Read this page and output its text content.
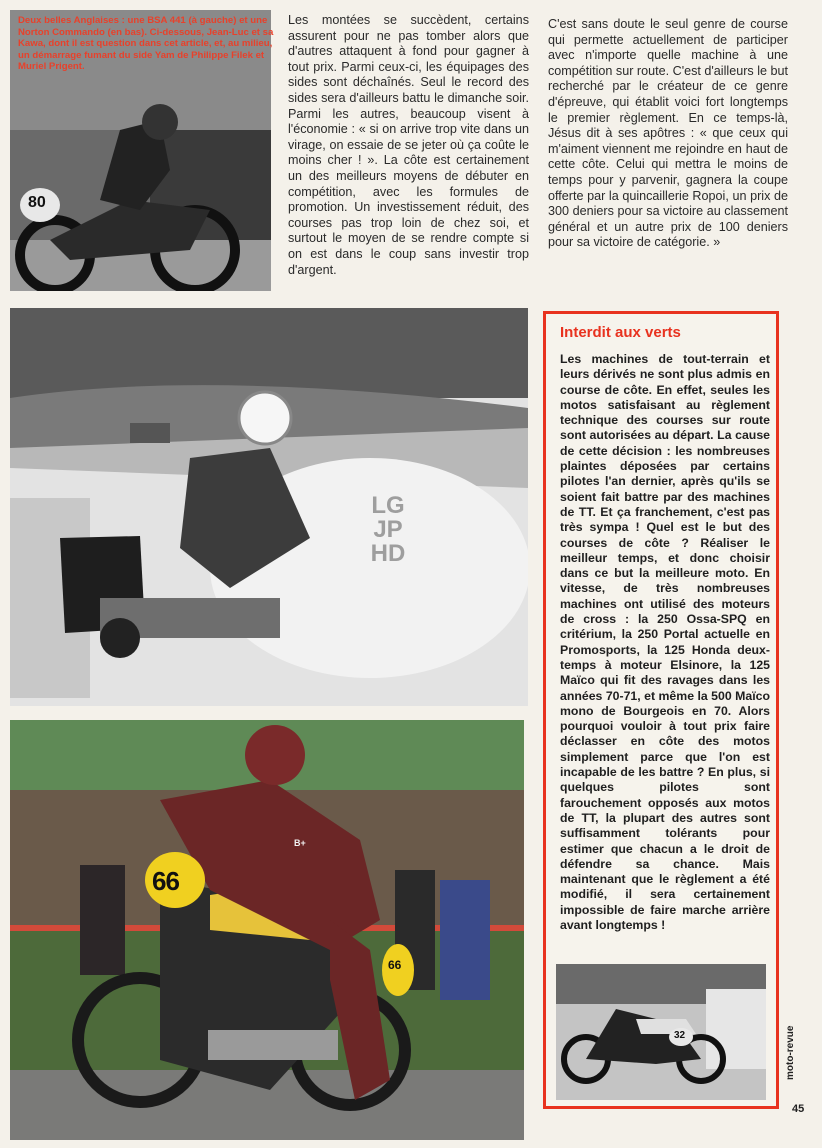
80
Deux belles Anglaises : une BSA 441 (à gauche) et une Norton Commando (en bas). Ci-dessous, Jean-Luc et sa Kawa, dont il est question dans cet article, et, au milieu, un démarrage fumant du side Yam de Philippe Filek et Muriel Prigent.

Les montées se succèdent, certains assurent pour ne pas tomber alors que d'autres attaquent à fond pour gagner à tout prix. Parmi ceux-ci, les équipages des sides sont déchaînés. Seul le record des sides sera d'ailleurs battu le dimanche soir. Parmi les autres, beaucoup visent à l'économie : « si on arrive trop vite dans un virage, on essaie de se jeter où ça coûte le moins cher ! ». La côte est certainement un des meilleurs moyens de débuter en compétition, avec les formules de promotion. Un investissement réduit, des courses pas trop loin de chez soi, et surtout le moyen de se rendre compte si on est dans le coup sans investir trop d'argent.

C'est sans doute le seul genre de course qui permette actuellement de participer avec n'importe quelle machine à une compétition sur route. C'est d'ailleurs le but recherché par le créateur de ce genre d'épreuve, qui établit voici fort longtemps le premier règlement. En ce temps-là, Jésus dit à ses apôtres : « que ceux qui m'aiment viennent me rejoindre en haut de cette côte. Celui qui mettra le moins de temps pour y parvenir, gagnera la coupe offerte par la quincaillerie Ropoi, un prix de 300 deniers pour sa victoire au classement général et un autre prix de 100 deniers pour sa victoire de catégorie. »

LG
JP
HD
66
66
B+
Interdit aux verts

Les machines de tout-terrain et leurs dérivés ne sont plus admis en course de côte. En effet, seules les motos satisfaisant au règlement technique des courses sur route sont autorisées au départ. La cause de cette décision : les nombreuses plaintes déposées par certains pilotes l'an dernier, après qu'ils se soient fait battre par des machines de TT. Et ça franchement, c'est pas très sympa ! Quel est le but des courses de côte ? Réaliser le meilleur temps, et donc choisir dans ce but la meilleure moto. En vitesse, de très nombreuses machines ont utilisé des moteurs de cross : la 250 Ossa-SPQ en critérium, la 250 Portal actuelle en Promosports, la 125 Honda deux-temps à moteur Elsinore, la 125 Maïco qui fit des ravages dans les années 70-71, et même la 500 Maïco mono de Bourgeois en 70. Alors pourquoi vouloir à tout prix faire déclasser en côte des motos simplement parce que l'on est incapable de les battre ? En plus, si quelques pilotes sont farouchement opposés aux motos de TT, la plupart des autres sont suffisamment tolérants pour estimer que chacun a le droit de défendre sa chance. Mais maintenant que le règlement a été modifié, il sera certainement impossible de faire marche arrière avant longtemps !

32	moto-revue
45
